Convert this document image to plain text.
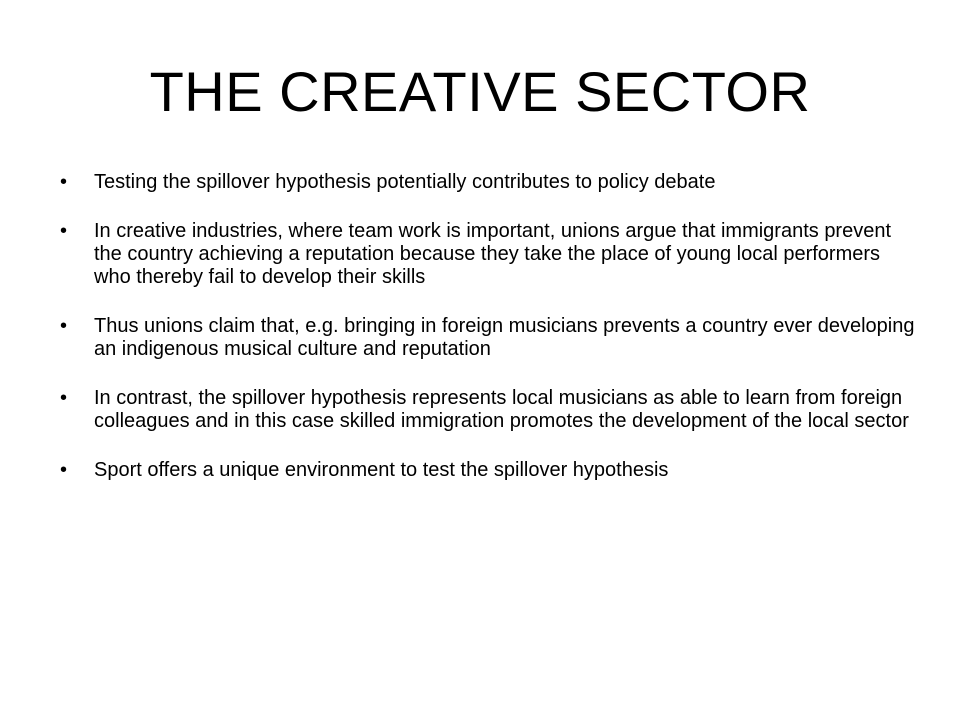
THE CREATIVE SECTOR
• Testing the spillover hypothesis potentially contributes to policy debate
• In creative industries, where team work is important, unions argue that immigrants prevent the country achieving a reputation because they take the place of young local performers who thereby fail to develop their skills
• Thus unions claim that, e.g. bringing in foreign musicians prevents a country ever developing an indigenous musical culture and reputation
• In contrast, the spillover hypothesis represents local musicians as able to learn from foreign colleagues and in this case skilled immigration promotes the development of the local sector
• Sport offers a unique environment to test the spillover hypothesis
